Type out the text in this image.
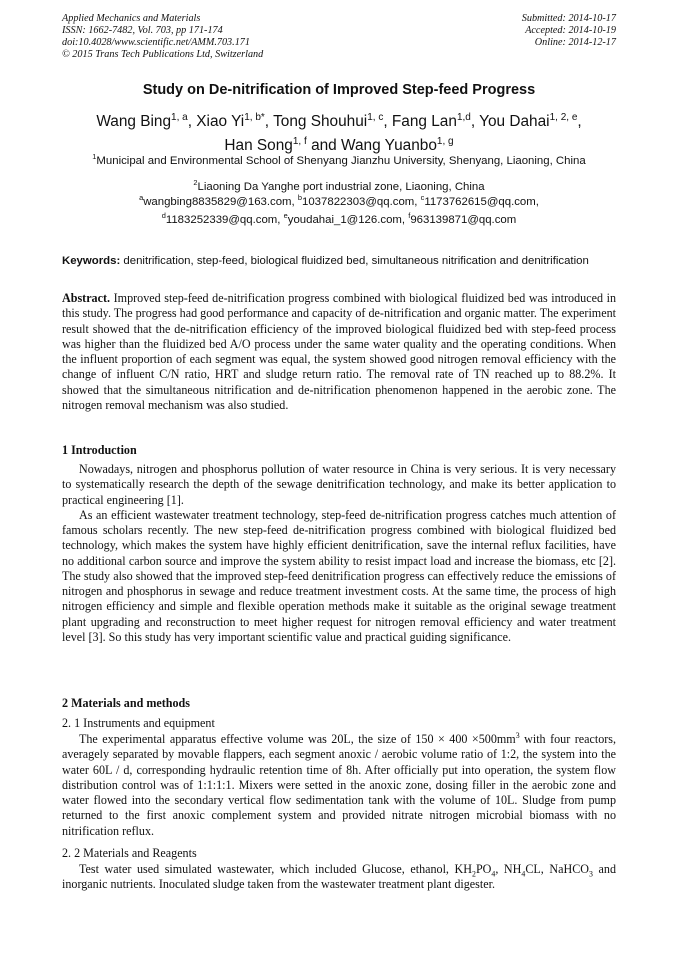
Applied Mechanics and Materials
ISSN: 1662-7482, Vol. 703, pp 171-174
doi:10.4028/www.scientific.net/AMM.703.171
© 2015 Trans Tech Publications Ltd, Switzerland
Submitted: 2014-10-17
Accepted: 2014-10-19
Online: 2014-12-17
Study on De-nitrification of Improved Step-feed Progress
Wang Bing$^{1, a}$, Xiao $Yi^{1, b*}$, Tong Shouhui$^{1, c}$, Fang Lan$^{1,d}$, You Dahai$^{1, 2, e}$,
Han Song$^{1, f}$ and Wang Yuanbo$^{1, g}$
$^1$Municipal and Environmental School of Shenyang Jianzhu University, Shenyang, Liaoning, China
$^2$Liaoning Da Yanghe port industrial zone, Liaoning, China
$^a$wangbing8835829@163.com, $^b$1037822303@qq.com, $^c$1173762615@qq.com,
$^d$1183252339@qq.com, $^e$youdahai_1@126.com, $^f$963139871@qq.com
Keywords: denitrification, step-feed, biological fluidized bed, simultaneous nitrification and denitrification

Abstract. Improved step-feed de-nitrification progress combined with biological fluidized bed was introduced in this study. The progress had good performance and capacity of de-nitrification and organic matter. The experiment result showed that the de-nitrification efficiency of the improved biological fluidized bed with step-feed process was higher than the fluidized bed A/O process under the same water quality and the operating conditions. When the influent proportion of each segment was equal, the system showed good nitrogen removal efficiency with the change of influent C/N ratio, HRT and sludge return ratio. The removal rate of TN reached up to 88.2%. It showed that the simultaneous nitrification and de-nitrification phenomenon happened in the aerobic zone. The nitrogen removal mechanism was also studied.

1 Introduction

Nowadays, nitrogen and phosphorus pollution of water resource in China is very serious. It is very necessary to systematically research the depth of the sewage denitrification technology, and make its better application to practical engineering [1].

As an efficient wastewater treatment technology, step-feed de-nitrification progress catches much attention of famous scholars recently. The new step-feed de-nitrification progress combined with biological fluidized bed technology, which makes the system have highly efficient denitrification, save the internal reflux facilities, have no additional carbon source and improve the system ability to resist impact load and increase the biomass, etc [2]. The study also showed that the improved step-feed denitrification progress can effectively reduce the emissions of nitrogen and phosphorus in sewage and reduce treatment investment costs. At the same time, the process of high nitrogen efficiency and simple and flexible operation methods make it suitable as the original sewage treatment plant upgrading and reconstruction to meet higher request for nitrogen removal efficiency and water treatment level [3]. So this study has very important scientific value and practical guiding significance.

2 Materials and methods
2. 1 Instruments and equipment

The experimental apparatus effective volume was 20L, the size of $150 \times 400 \times 500mm^3$ with four reactors, averagely separated by movable flappers, each segment anoxic / aerobic volume ratio of 1:2, the system into the water 60L / d, corresponding hydraulic retention time of 8h. After officially put into operation, the system flow distribution control was of 1:1:1:1. Mixers were setted in the anoxic zone, dosing filler in the aerobic zone and water flowed into the secondary vertical flow sedimentation tank with the volume of 10L. Sludge from pump returned to the first anoxic complement system and provided nitrate nitrogen microbial biomass with no nitrification reflux.

2. 2 Materials and Reagents

Test water used simulated wastewater, which included Glucose, ethanol, $KH_2PO_4$, $NH_4CL$, NaHCO$_3$ and inorganic nutrients. Inoculated sludge taken from the wastewater treatment plant digester.
